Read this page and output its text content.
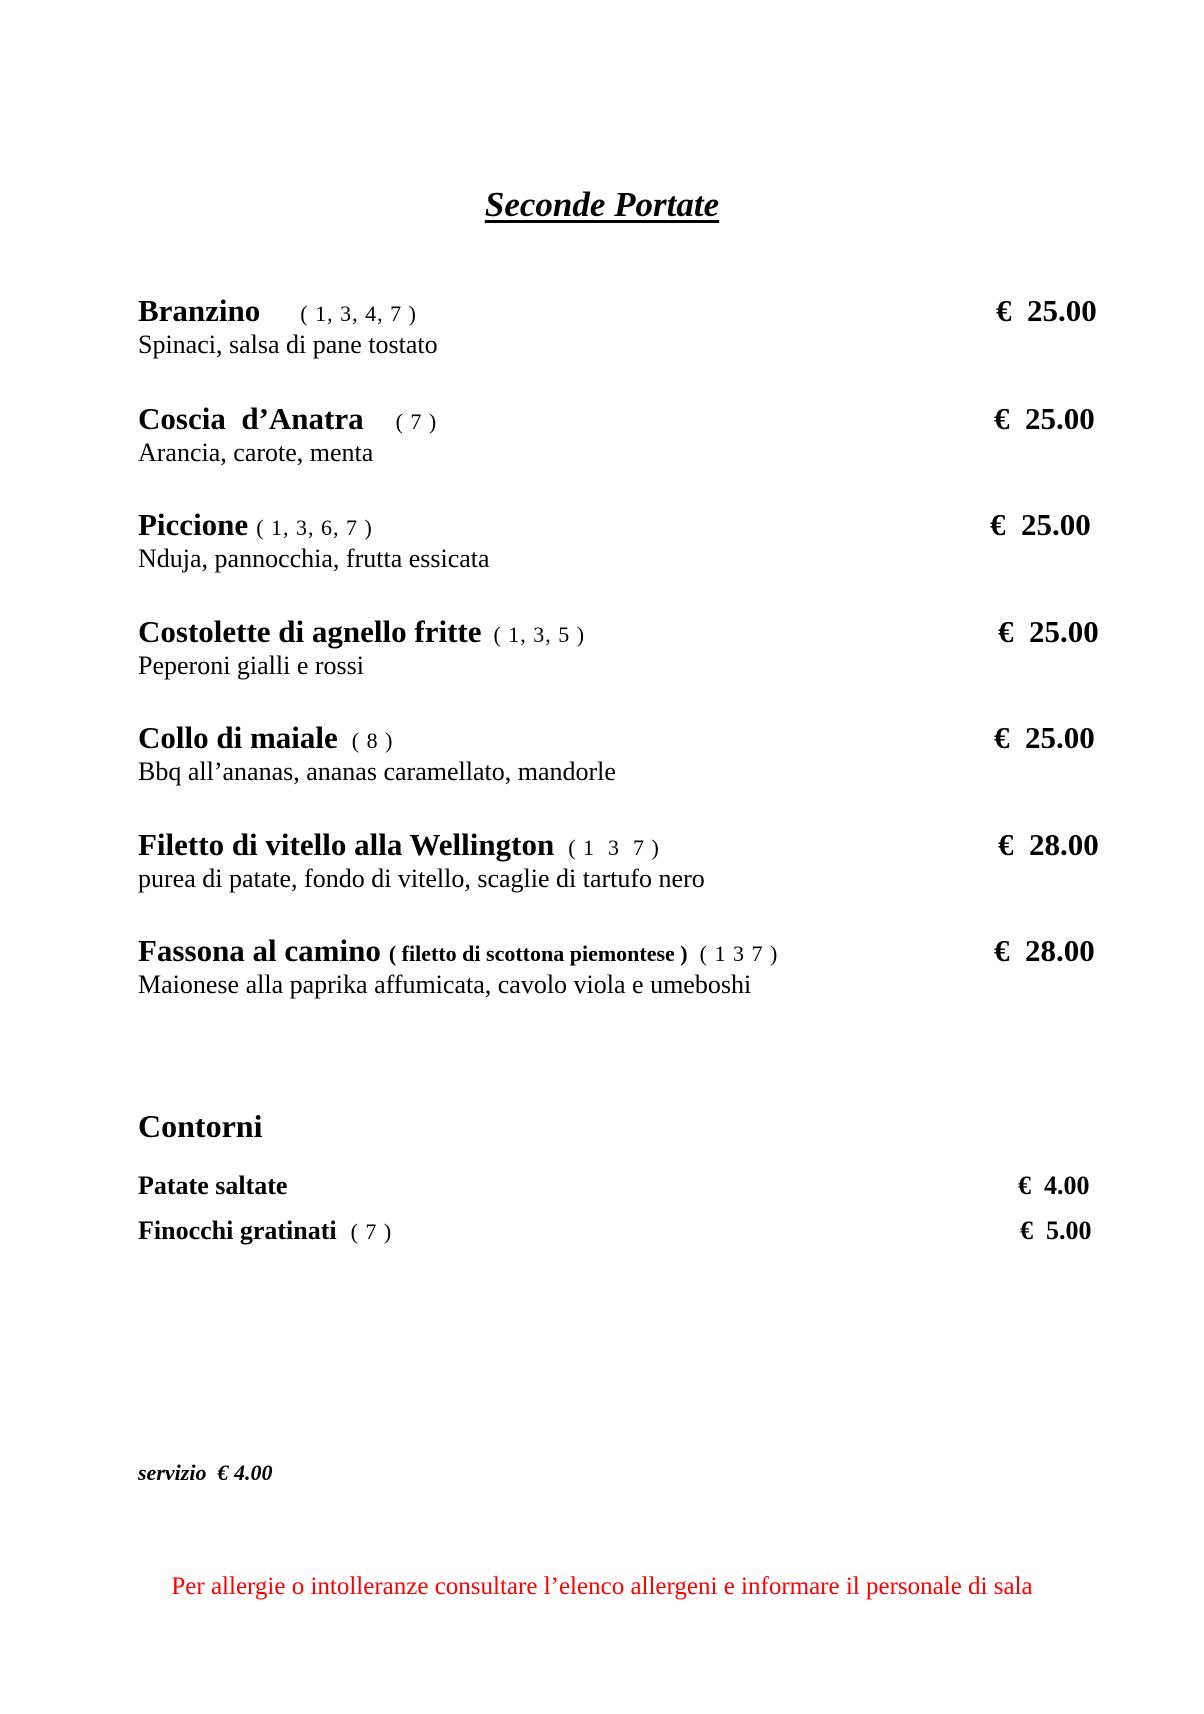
Seconde Portate
Branzino ( 1, 3, 4, 7 )
Spinaci, salsa di pane tostato
€  25.00
Coscia  d’Anatra ( 7 )
Arancia, carote, menta
€  25.00
Piccione ( 1, 3, 6, 7 )
Nduja, pannocchia, frutta essicata
€  25.00
Costolette di agnello fritte ( 1, 3, 5 )
Peperoni gialli e rossi
€  25.00
Collo di maiale ( 8 )
Bbq all’ananas, ananas caramellato, mandorle
€  25.00
Filetto di vitello alla Wellington ( 1  3  7 )
purea di patate, fondo di vitello, scaglie di tartufo nero
€  28.00
Fassona al camino ( filetto di scottona piemontese ) ( 1 3 7 )
Maionese alla paprika affumicata, cavolo viola e umeboshi
€  28.00
Contorni
Patate saltate	€  4.00
Finocchi gratinati ( 7 )	€  5.00
servizio  € 4.00
Per allergie o intolleranze consultare l’elenco allergeni e informare il personale di sala
